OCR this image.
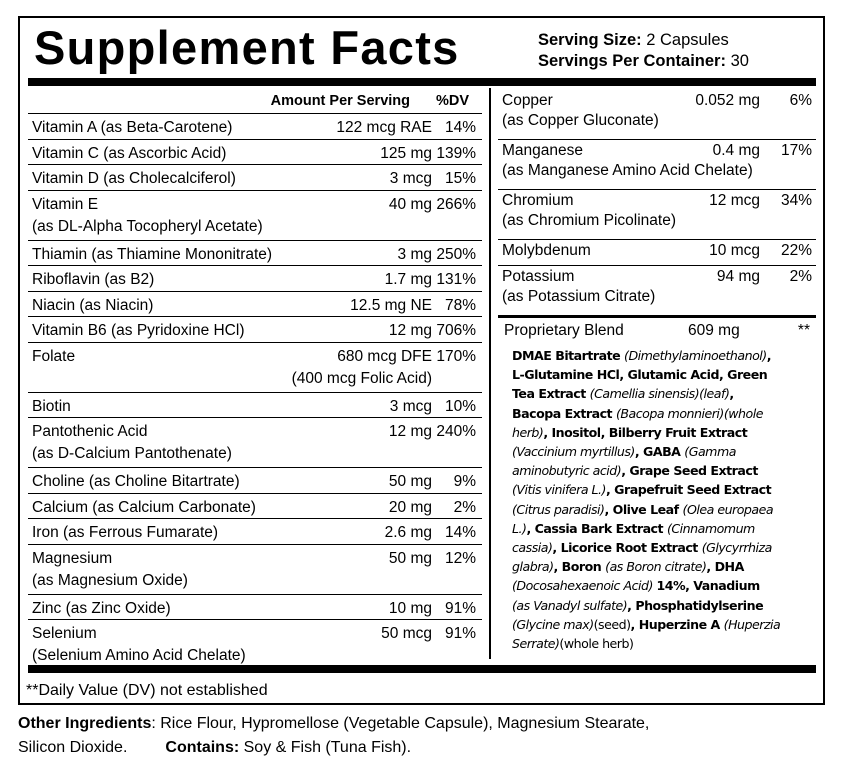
Supplement Facts	Serving Size: 2 Capsules
Servings Per Container: 30
Amount Per Serving %DV
Vitamin A (as Beta-Carotene)	122 mcg RAE 14%
Vitamin C (as Ascorbic Acid)	125 mg 139%
Vitamin D (as Cholecalciferol)	3 mcg 15%
Vitamin E	40 mg 266%
(as DL-Alpha Tocopheryl Acetate)
Thiamin (as Thiamine Mononitrate)	3 mg 250%
Riboflavin (as B2)	1.7 mg 131%
Niacin (as Niacin)	12.5 mg NE 78%
Vitamin B6 (as Pyridoxine HCl)	12 mg 706%
Folate	680 mcg DFE 170%
(400 mcg Folic Acid)
Biotin	3 mcg 10%
Pantothenic Acid	12 mg 240%
(as D-Calcium Pantothenate)
Choline (as Choline Bitartrate)	50 mg 9%
Calcium (as Calcium Carbonate)	20 mg 2%
Iron (as Ferrous Fumarate)	2.6 mg 14%
Magnesium	50 mg 12%
(as Magnesium Oxide)
Zinc (as Zinc Oxide)	10 mg 91%
Selenium	50 mcg 91%
(Selenium Amino Acid Chelate)
Copper	0.052 mg 6%
(as Copper Gluconate)
Manganese	0.4 mg 17%
(as Manganese Amino Acid Chelate)
Chromium	12 mcg 34%
(as Chromium Picolinate)
Molybdenum	10 mcg 22%
Potassium	94 mg 2%
(as Potassium Citrate)
Proprietary Blend	609 mg	**
DMAE Bitartrate (Dimethylaminoethanol),
L-Glutamine HCl, Glutamic Acid, Green
Tea Extract (Camellia sinensis)(leaf),
Bacopa Extract (Bacopa monnieri)(whole
herb), Inositol, Bilberry Fruit Extract
(Vaccinium myrtillus), GABA (Gamma
aminobutyric acid), Grape Seed Extract
(Vitis vinifera L.), Grapefruit Seed Extract
(Citrus paradisi), Olive Leaf (Olea europaea
L.), Cassia Bark Extract (Cinnamomum
cassia), Licorice Root Extract (Glycyrrhiza
glabra), Boron (as Boron citrate), DHA
(Docosahexaenoic Acid) 14%, Vanadium
(as Vanadyl sulfate), Phosphatidylserine
(Glycine max)(seed), Huperzine A (Huperzia
Serrate)(whole herb)
**Daily Value (DV) not established
Other Ingredients: Rice Flour, Hypromellose (Vegetable Capsule), Magnesium Stearate,
Silicon Dioxide. Contains: Soy & Fish (Tuna Fish).
